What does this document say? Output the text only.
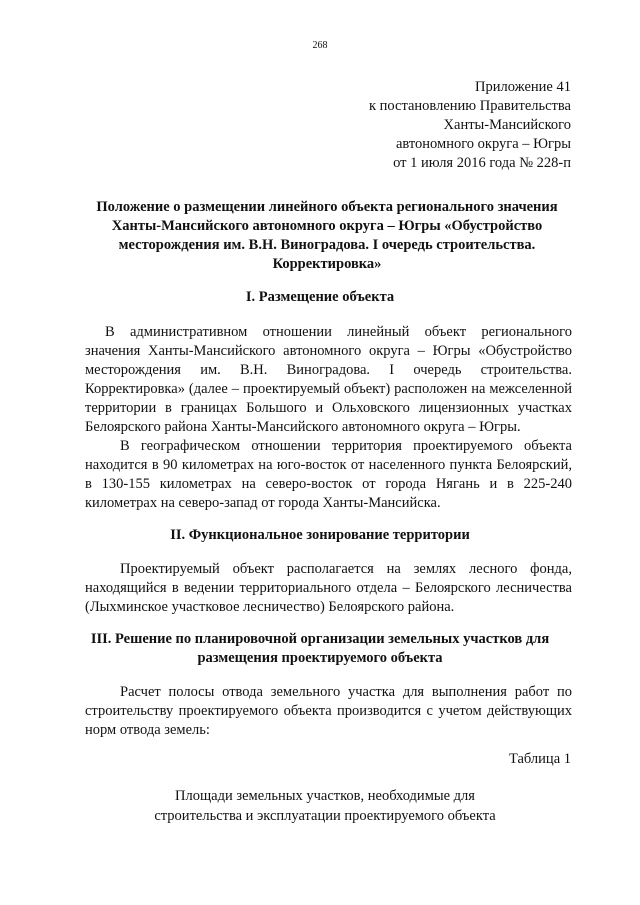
268
Приложение 41
к постановлению Правительства
Ханты-Мансийского
автономного округа – Югры
от 1 июля 2016 года № 228-п
Положение о размещении линейного объекта регионального значения Ханты-Мансийского автономного округа – Югры «Обустройство месторождения им. В.Н. Виноградова. I очередь строительства. Корректировка»
I. Размещение объекта
В административном отношении линейный объект регионального значения Ханты-Мансийского автономного округа – Югры «Обустройство месторождения им. В.Н. Виноградова. I очередь строительства. Корректировка» (далее – проектируемый объект) расположен на межселенной территории в границах Большого и Ольховского лицензионных участках Белоярского района Ханты-Мансийского автономного округа – Югры.
В географическом отношении территория проектируемого объекта находится в 90 километрах на юго-восток от населенного пункта Белоярский, в 130-155 километрах на северо-восток от города Нягань и в 225-240 километрах на северо-запад от города Ханты-Мансийска.
II. Функциональное зонирование территории
Проектируемый объект располагается на землях лесного фонда, находящийся в ведении территориального отдела – Белоярского лесничества (Лыхминское участковое лесничество) Белоярского района.
III. Решение по планировочной организации земельных участков для размещения проектируемого объекта
Расчет полосы отвода земельного участка для выполнения работ по строительству проектируемого объекта производится с учетом действующих норм отвода земель:
Таблица 1
Площади земельных участков, необходимые для
строительства и эксплуатации проектируемого объекта
